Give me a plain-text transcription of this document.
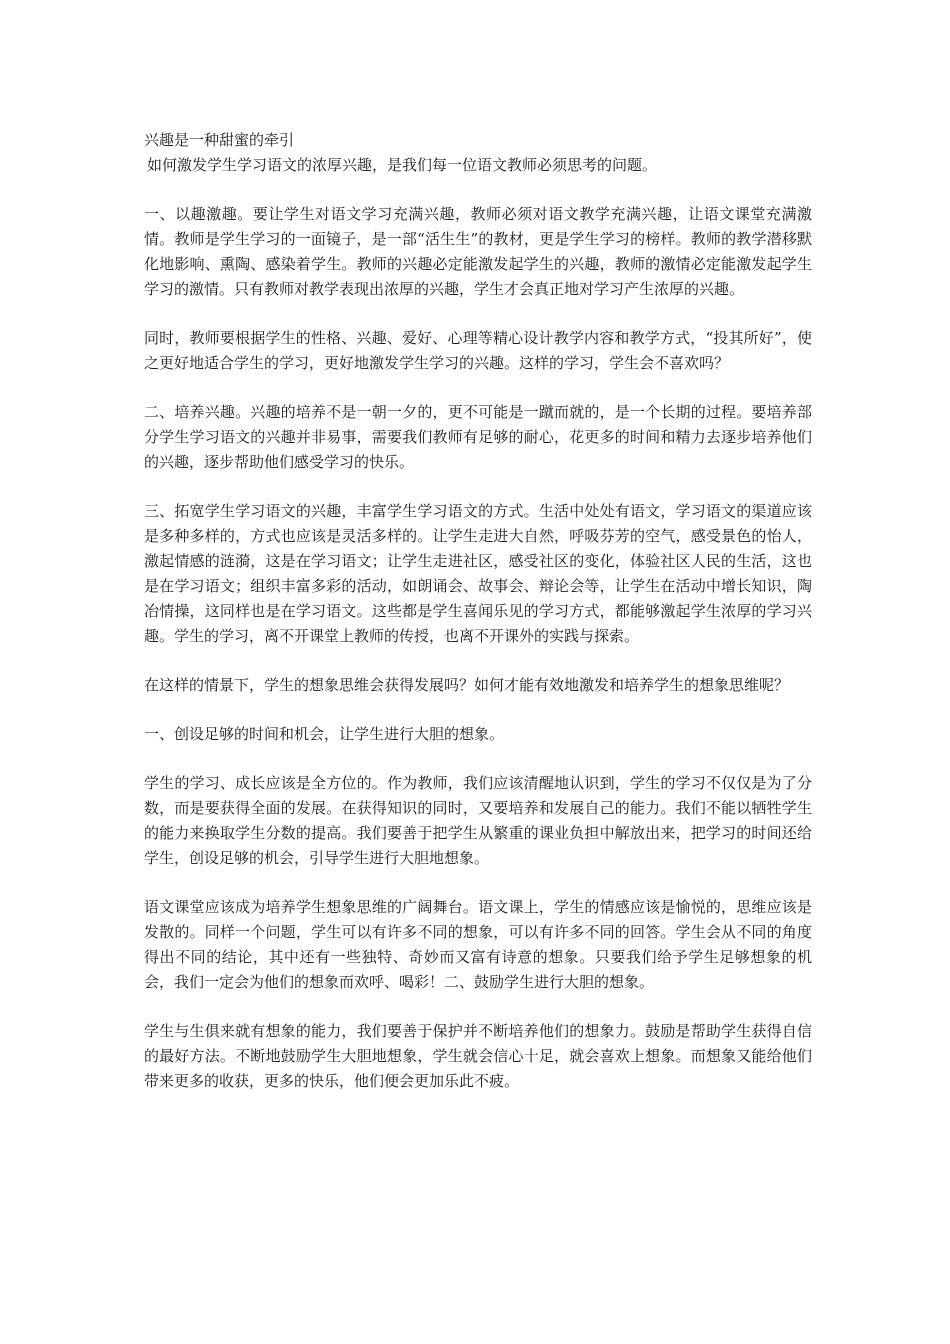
兴趣是一种甜蜜的牵引

如何激发学生学习语文的浓厚兴趣，是我们每一位语文教师必须思考的问题。

一、以趣激趣。要让学生对语文学习充满兴趣，教师必须对语文教学充满兴趣，让语文课堂充满激情。教师是学生学习的一面镜子，是一部“活生生”的教材，更是学生学习的榜样。教师的教学潜移默化地影响、熏陶、感染着学生。教师的兴趣必定能激发起学生的兴趣，教师的激情必定能激发起学生学习的激情。只有教师对教学表现出浓厚的兴趣，学生才会真正地对学习产生浓厚的兴趣。

同时，教师要根据学生的性格、兴趣、爱好、心理等精心设计教学内容和教学方式，“投其所好”，使之更好地适合学生的学习，更好地激发学生学习的兴趣。这样的学习，学生会不喜欢吗？

二、培养兴趣。兴趣的培养不是一朝一夕的，更不可能是一蹴而就的，是一个长期的过程。要培养部分学生学习语文的兴趣并非易事，需要我们教师有足够的耐心，花更多的时间和精力去逐步培养他们的兴趣，逐步帮助他们感受学习的快乐。

三、拓宽学生学习语文的兴趣，丰富学生学习语文的方式。生活中处处有语文，学习语文的渠道应该是多种多样的，方式也应该是灵活多样的。让学生走进大自然，呼吸芬芳的空气，感受景色的怡人，激起情感的涟漪，这是在学习语文；让学生走进社区，感受社区的变化，体验社区人民的生活，这也是在学习语文；组织丰富多彩的活动，如朗诵会、故事会、辩论会等，让学生在活动中增长知识，陶冶情操，这同样也是在学习语文。这些都是学生喜闻乐见的学习方式，都能够激起学生浓厚的学习兴趣。学生的学习，离不开课堂上教师的传授，也离不开课外的实践与探索。

在这样的情景下，学生的想象思维会获得发展吗？如何才能有效地激发和培养学生的想象思维呢？

一、创设足够的时间和机会，让学生进行大胆的想象。

学生的学习、成长应该是全方位的。作为教师，我们应该清醒地认识到，学生的学习不仅仅是为了分数，而是要获得全面的发展。在获得知识的同时，又要培养和发展自己的能力。我们不能以牺牲学生的能力来换取学生分数的提高。我们要善于把学生从繁重的课业负担中解放出来，把学习的时间还给学生，创设足够的机会，引导学生进行大胆地想象。

语文课堂应该成为培养学生想象思维的广阔舞台。语文课上，学生的情感应该是愉悦的，思维应该是发散的。同样一个问题，学生可以有许多不同的想象，可以有许多不同的回答。学生会从不同的角度得出不同的结论，其中还有一些独特、奇妙而又富有诗意的想象。只要我们给予学生足够想象的机会，我们一定会为他们的想象而欢呼、喝彩！二、鼓励学生进行大胆的想象。

学生与生俱来就有想象的能力，我们要善于保护并不断培养他们的想象力。鼓励是帮助学生获得自信的最好方法。不断地鼓励学生大胆地想象，学生就会信心十足，就会喜欢上想象。而想象又能给他们带来更多的收获，更多的快乐，他们便会更加乐此不疲。
